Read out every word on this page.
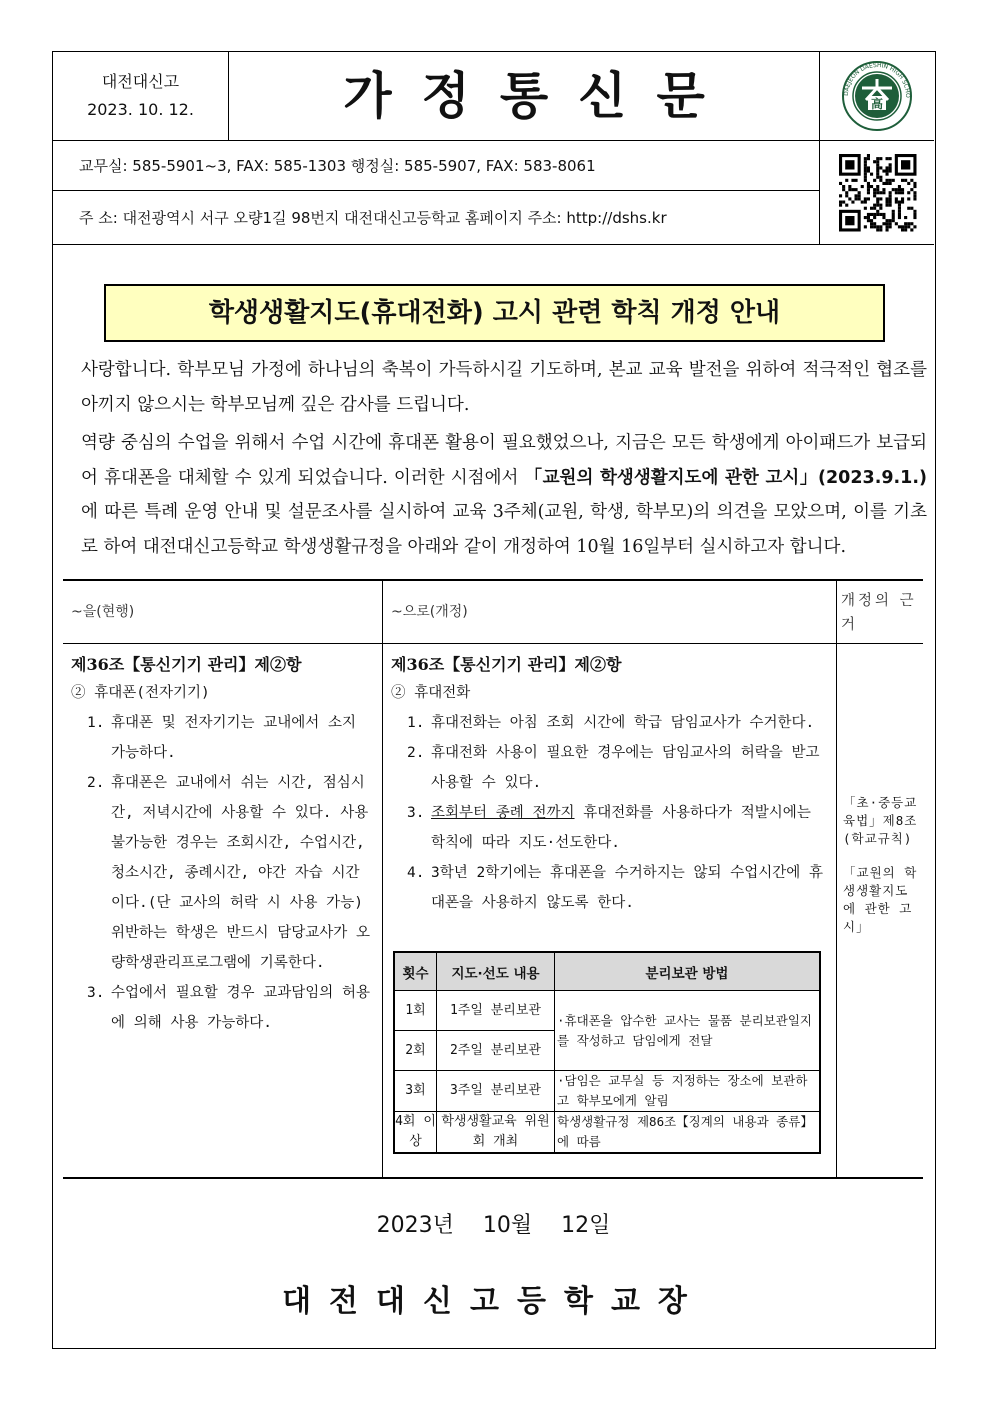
대전대신고
2023. 10. 12.	가정통신문	高
DAEJEON DAESHIN HIGH SCHO
교무실: 585-5901~3, FAX: 585-1303 행정실: 585-5907, FAX: 583-8061
주 소: 대전광역시 서구 오량1길 98번지 대전대신고등학교 홈페이지 주소: http://dshs.kr
학생생활지도(휴대전화) 고시 관련 학칙 개정 안내
사랑합니다. 학부모님 가정에 하나님의 축복이 가득하시길 기도하며, 본교 교육 발전을 위하여 적극적인 협조를 아끼지 않으시는 학부모님께 깊은 감사를 드립니다.
역량 중심의 수업을 위해서 수업 시간에 휴대폰 활용이 필요했었으나, 지금은 모든 학생에게 아이패드가 보급되어 휴대폰을 대체할 수 있게 되었습니다. 이러한 시점에서 「교원의 학생생활지도에 관한 고시」(2023.9.1.)에 따른 특례 운영 안내 및 설문조사를 실시하여 교육 3주체(교원, 학생, 학부모)의 의견을 모았으며, 이를 기초로 하여 대전대신고등학교 학생생활규정을 아래와 같이 개정하여 10월 16일부터 실시하고자 합니다.
~을(현행)
제36조【통신기기 관리】제②항
② 휴대폰(전자기기)
1. 휴대폰 및 전자기기는 교내에서 소지 가능하다.
2. 휴대폰은 교내에서 쉬는 시간, 점심시간, 저녁시간에 사용할 수 있다. 사용 불가능한 경우는 조회시간, 수업시간, 청소시간, 종례시간, 야간 자습 시간이다.(단 교사의 허락 시 사용 가능) 위반하는 학생은 반드시 담당교사가 오량학생관리프로그램에 기록한다.
3. 수업에서 필요할 경우 교과담임의 허용에 의해 사용 가능하다.
~으로(개정)
제36조【통신기기 관리】제②항
② 휴대전화
1. 휴대전화는 아침 조회 시간에 학급 담임교사가 수거한다.
2. 휴대전화 사용이 필요한 경우에는 담임교사의 허락을 받고 사용할 수 있다.
3. 조회부터 종례 전까지 휴대전화를 사용하다가 적발시에는 학칙에 따라 지도·선도한다.
4. 3학년 2학기에는 휴대폰을 수거하지는 않되 수업시간에 휴대폰을 사용하지 않도록 한다.
횟수	지도·선도 내용	분리보관 방법
1회	1주일 분리보관	·휴대폰을 압수한 교사는 물품 분리보관일지를 작성하고 담임에게 전달
2회	2주일 분리보관	
3회	3주일 분리보관	·담임은 교무실 등 지정하는 장소에 보관하고 학부모에게 알림
4회 이상	학생생활교육 위원회 개최	학생생활규정 제86조【징계의 내용과 종류】에 따름
개정의 근거

「초·중등교육법」제8조(학교규칙)

「교원의 학생생활지도에 관한 고시」

2023년 10월 12일
대전대신고등학교장
